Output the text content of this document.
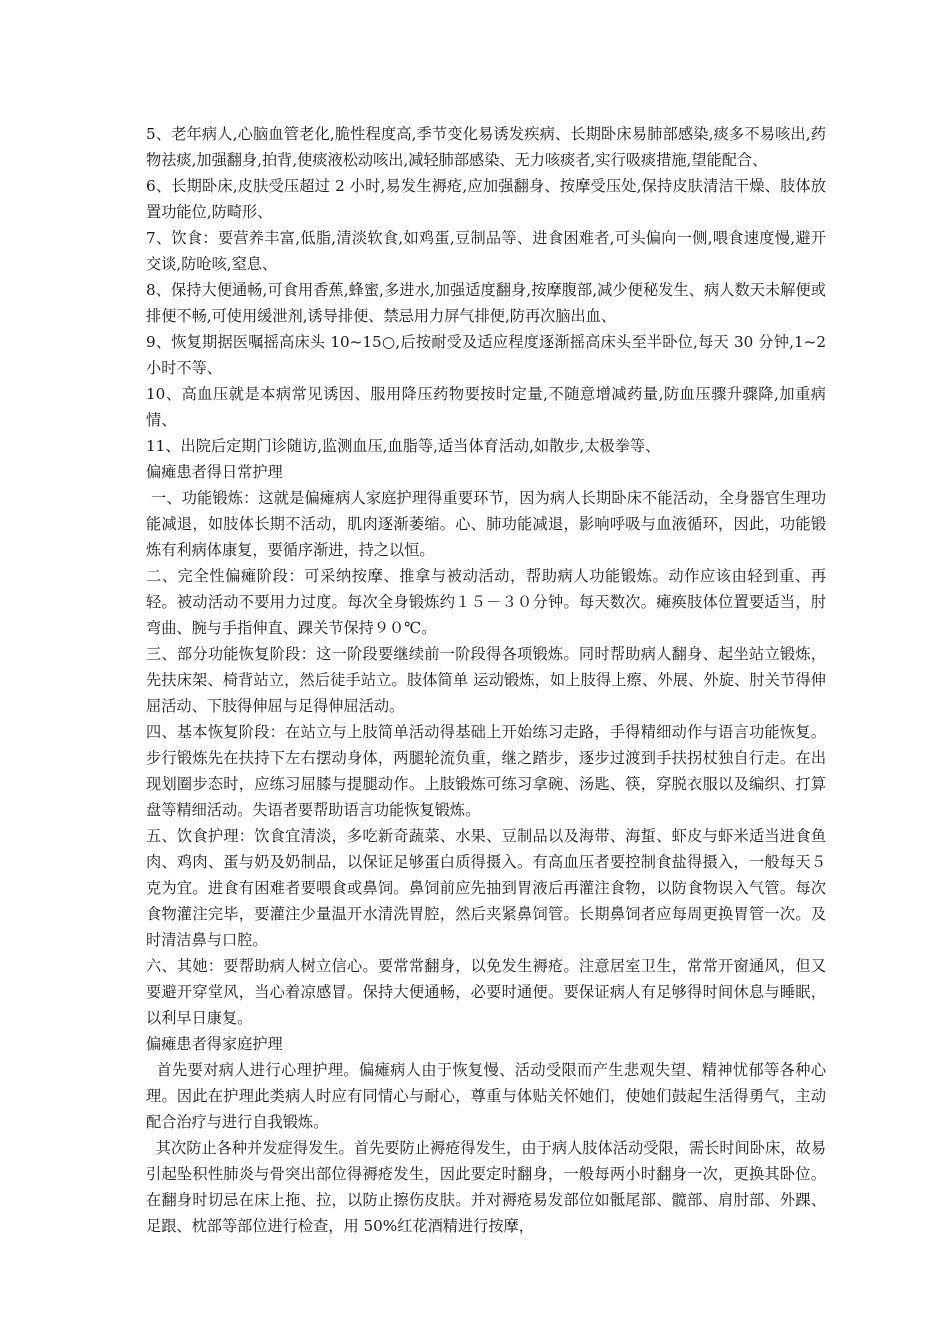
5、老年病人,心脑血管老化,脆性程度高,季节变化易诱发疾病、长期卧床易肺部感染,痰多不易咳出,药物祛痰,加强翻身,拍背,使痰液松动咳出,减轻肺部感染、无力咳痰者,实行吸痰措施,望能配合、

6、长期卧床,皮肤受压超过 2 小时,易发生褥疮,应加强翻身、按摩受压处,保持皮肤清洁干燥、肢体放置功能位,防畸形、

7、饮食：要营养丰富,低脂,清淡软食,如鸡蛋,豆制品等、进食困难者,可头偏向一侧,喂食速度慢,避开交谈,防呛咳,窒息、

8、保持大便通畅,可食用香蕉,蜂蜜,多进水,加强适度翻身,按摩腹部,减少便秘发生、病人数天未解便或排便不畅,可使用缓泄剂,诱导排便、禁忌用力屏气排便,防再次脑出血、

9、恢复期据医嘱摇高床头 10~15○,后按耐受及适应程度逐渐摇高床头至半卧位,每天 30 分钟,1~2 小时不等、

10、高血压就是本病常见诱因、服用降压药物要按时定量,不随意增减药量,防血压骤升骤降,加重病情、

11、出院后定期门诊随访,监测血压,血脂等,适当体育活动,如散步,太极拳等、

偏瘫患者得日常护理

一、功能锻炼：这就是偏瘫病人家庭护理得重要环节，因为病人长期卧床不能活动，全身器官生理功能减退，如肢体长期不活动，肌肉逐渐萎缩。心、肺功能减退，影响呼吸与血液循环，因此，功能锻炼有利病体康复，要循序渐进，持之以恒。

二、完全性偏瘫阶段：可采纳按摩、推拿与被动活动，帮助病人功能锻炼。动作应该由轻到重、再轻。被动活动不要用力过度。每次全身锻炼约１５－３０分钟。每天数次。瘫痪肢体位置要适当，肘弯曲、腕与手指伸直、踝关节保持９０℃。

三、部分功能恢复阶段：这一阶段要继续前一阶段得各项锻炼。同时帮助病人翻身、起坐站立锻炼，先扶床架、椅背站立，然后徒手站立。肢体简单 运动锻炼，如上肢得上瘵、外展、外旋、肘关节得伸屈活动、下肢得伸屈与足得伸屈活动。

四、基本恢复阶段：在站立与上肢简单活动得基础上开始练习走路，手得精细动作与语言功能恢复。步行锻炼先在扶持下左右摆动身体，两腿轮流负重，继之踏步，逐步过渡到手扶拐杖独自行走。在出现划圈步态时，应练习屈膝与提腿动作。上肢锻炼可练习拿碗、汤匙、筷，穿脱衣服以及编织、打算盘等精细活动。失语者要帮助语言功能恢复锻炼。

五、饮食护理：饮食宜清淡，多吃新奇蔬菜、水果、豆制品以及海带、海蜇、虾皮与虾米适当进食鱼肉、鸡肉、蛋与奶及奶制品，以保证足够蛋白质得摄入。有高血压者要控制食盐得摄入，一般每天５克为宜。进食有困难者要喂食或鼻饲。鼻饲前应先抽到胃液后再灌注食物，以防食物误入气管。每次食物灌注完毕，要灌注少量温开水清洗胃腔，然后夹紧鼻饲管。长期鼻饲者应每周更换胃管一次。及时清洁鼻与口腔。

六、其她：要帮助病人树立信心。要常常翻身，以免发生褥疮。注意居室卫生，常常开窗通风，但又要避开穿堂风，当心着凉感冒。保持大便通畅，必要时通便。要保证病人有足够得时间休息与睡眠，以利早日康复。

偏瘫患者得家庭护理

首先要对病人进行心理护理。偏瘫病人由于恢复慢、活动受限而产生悲观失望、精神忧郁等各种心理。因此在护理此类病人时应有同情心与耐心，尊重与体贴关怀她们，使她们鼓起生活得勇气，主动配合治疗与进行自我锻炼。

其次防止各种并发症得发生。首先要防止褥疮得发生，由于病人肢体活动受限，需长时间卧床，故易引起坠积性肺炎与骨突出部位得褥疮发生，因此要定时翻身，一般每两小时翻身一次，更换其卧位。在翻身时切忌在床上拖、拉，以防止擦伤皮肤。并对褥疮易发部位如骶尾部、髋部、肩肘部、外踝、足跟、枕部等部位进行检查，用 50%红花酒精进行按摩，
